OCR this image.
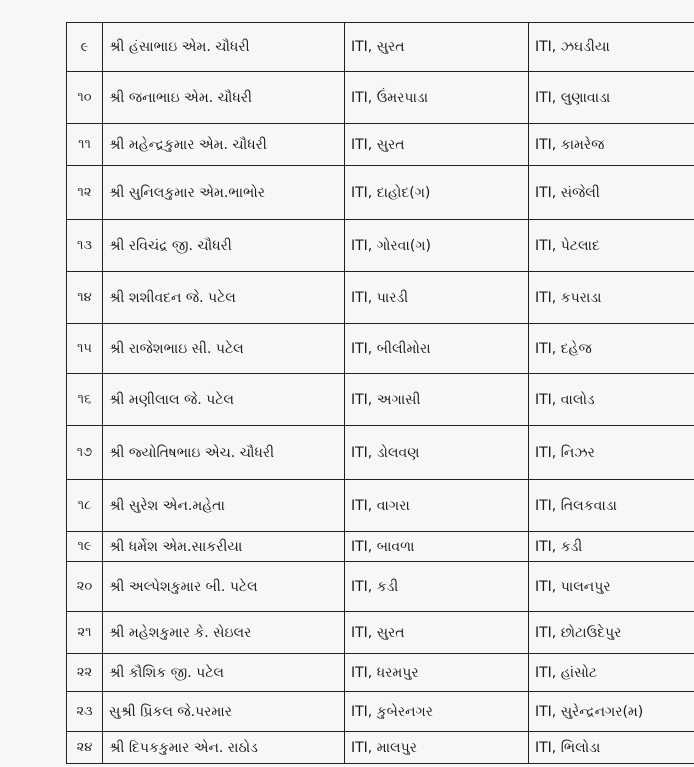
૯	શ્રી હંસાભાઇ એમ. ચૌધરી	ITI, સુરત	ITI, ઝઘડીયા
૧૦	શ્રી જનાભાઇ એમ. ચૌધરી	ITI, ઉંમરપાડા	ITI, લુણાવાડા
૧૧	શ્રી મહેન્દ્રકુમાર એમ. ચૌધરી	ITI, સુરત	ITI, કામરેજ
૧૨	શ્રી સુનિલકુમાર એમ.ભાભોર	ITI, દાહોદ(ગ)	ITI, સંજેલી
૧૩	શ્રી રવિચંદ્ર જી. ચૌધરી	ITI, ગોરવા(ગ)	ITI, પેટલાદ
૧૪	શ્રી શશીવદન જે. પટેલ	ITI, પારડી	ITI, કપરાડા
૧૫	શ્રી રાજેશભાઇ સી. પટેલ	ITI, બીલીમોરા	ITI, દહેજ
૧૬	શ્રી મણીલાલ જે. પટેલ	ITI, અગાસી	ITI, વાલોડ
૧૭	શ્રી જ્યોતિષભાઇ એચ. ચૌધરી	ITI, ડોલવણ	ITI, નિઝર
૧૮	શ્રી સુરેશ એન.મહેતા	ITI, વાગરા	ITI, તિલકવાડા
૧૯	શ્રી ધર્મેશ એમ.સાકરીયા	ITI, બાવળા	ITI, કડી
૨૦	શ્રી અલ્પેશકુમાર બી. પટેલ	ITI, કડી	ITI, પાલનપુર
૨૧	શ્રી મહેશકુમાર કે. સેઇલર	ITI, સુરત	ITI, છોટાઉદેપુર
૨૨	શ્રી કૌશિક જી. પટેલ	ITI, ધરમપુર	ITI, હાંસોટ
૨૩	સુશ્રી પ્રિંકલ જે.પરમાર	ITI, કુબેરનગર	ITI, સુરેન્દ્રનગર(મ)
૨૪	શ્રી દિપકકુમાર એન. રાઠોડ	ITI, માલપુર	ITI, ભિલોડા
